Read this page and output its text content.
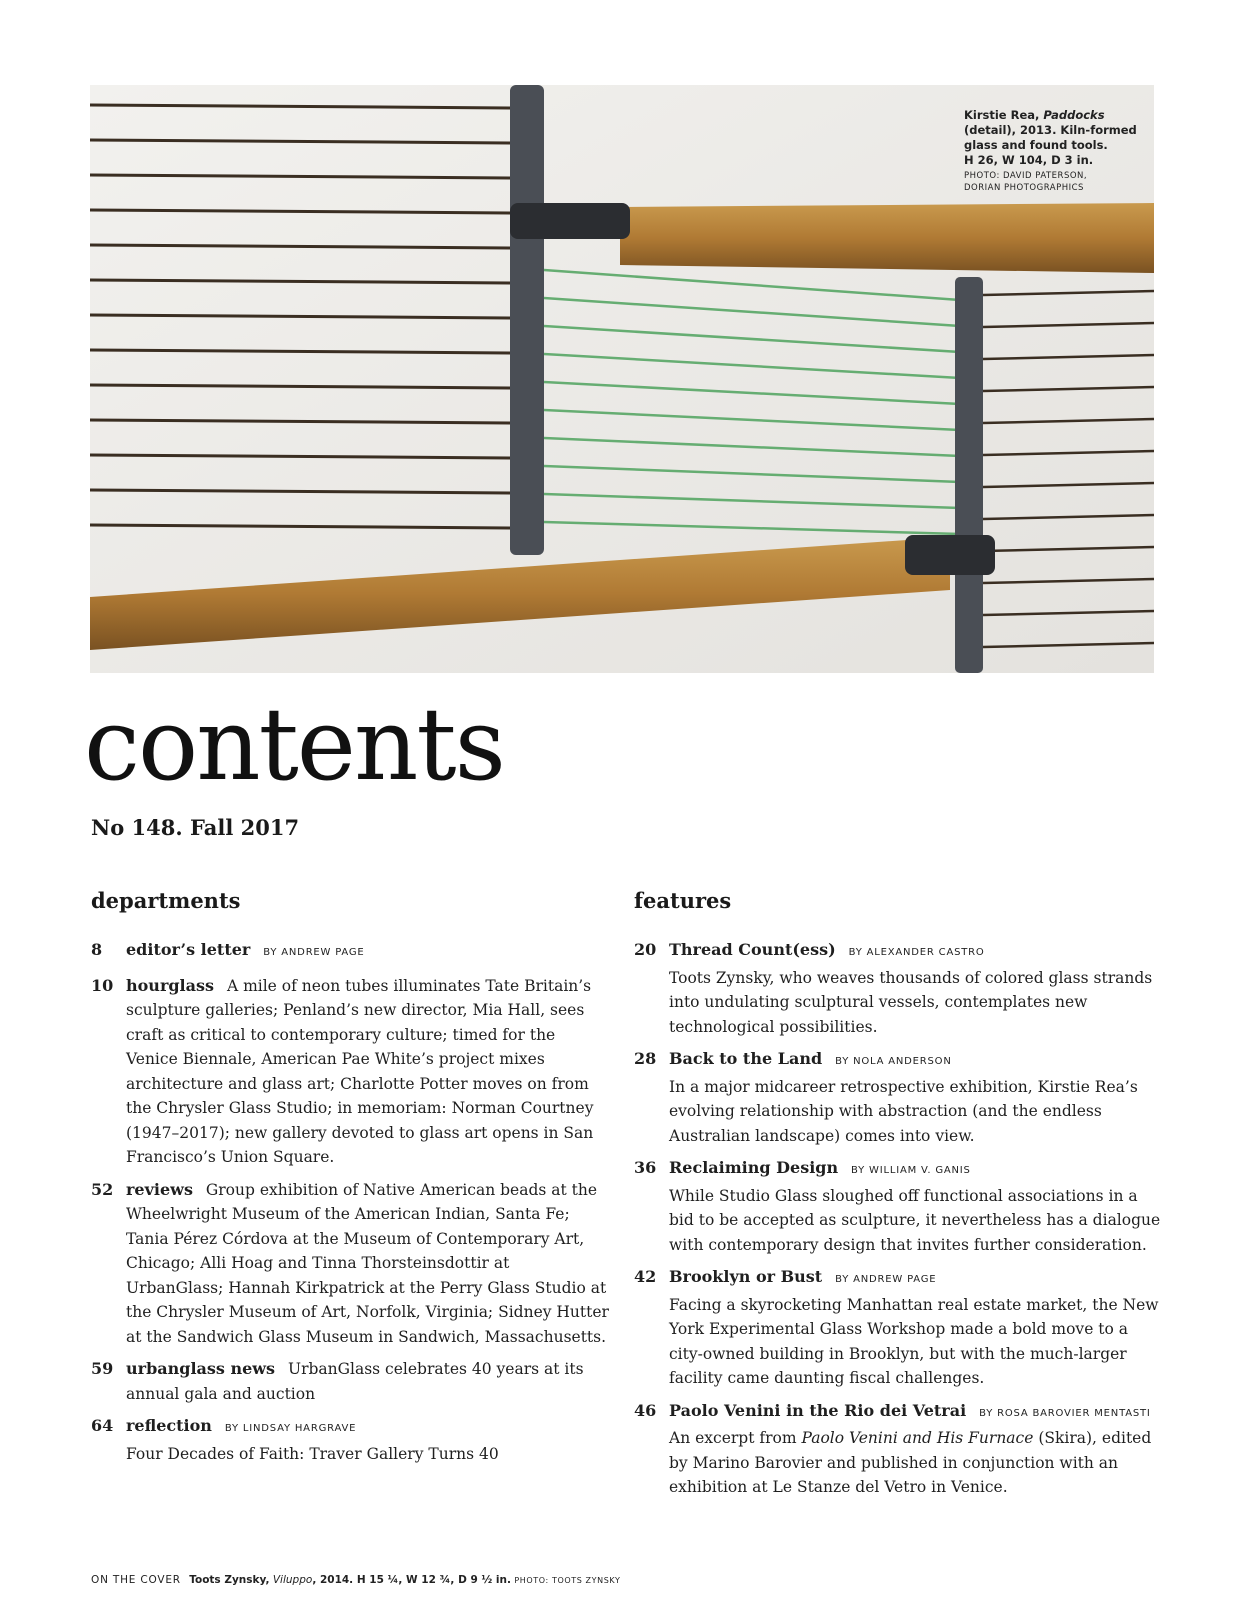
Kirstie Rea, Paddocks (detail), 2013. Kiln-formed glass and found tools.
H 26, W 104, D 3 in.
PHOTO: DAVID PATERSON,
DORIAN PHOTOGRAPHICS
contents
No 148. Fall 2017
departments	features
8 editor’s letter BY ANDREW PAGE
10 hourglass A mile of neon tubes illuminates Tate Britain’s sculpture galleries; Penland’s new director, Mia Hall, sees craft as critical to contemporary culture; timed for the Venice Biennale, American Pae White’s project mixes architecture and glass art; Charlotte Potter moves on from the Chrysler Glass Studio; in memoriam: Norman Courtney (1947–2017); new gallery devoted to glass art opens in San Francisco’s Union Square.
52 reviews Group exhibition of Native American beads at the Wheelwright Museum of the American Indian, Santa Fe; Tania Pérez Córdova at the Museum of Contemporary Art, Chicago; Alli Hoag and Tinna Thorsteinsdottir at UrbanGlass; Hannah Kirkpatrick at the Perry Glass Studio at the Chrysler Museum of Art, Norfolk, Virginia; Sidney Hutter at the Sandwich Glass Museum in Sandwich, Massachusetts.
59 urbanglass news UrbanGlass celebrates 40 years at its annual gala and auction
64 reflection BY LINDSAY HARGRAVE
Four Decades of Faith: Traver Gallery Turns 40
20 Thread Count(ess) BY ALEXANDER CASTRO
Toots Zynsky, who weaves thousands of colored glass strands into undulating sculptural vessels, contemplates new technological possibilities.
28 Back to the Land BY NOLA ANDERSON
In a major midcareer retrospective exhibition, Kirstie Rea’s evolving relationship with abstraction (and the endless Australian landscape) comes into view.
36 Reclaiming Design BY WILLIAM V. GANIS
While Studio Glass sloughed off functional associations in a bid to be accepted as sculpture, it nevertheless has a dialogue with contemporary design that invites further consideration.
42 Brooklyn or Bust BY ANDREW PAGE
Facing a skyrocketing Manhattan real estate market, the New York Experimental Glass Workshop made a bold move to a city-owned building in Brooklyn, but with the much-larger facility came daunting fiscal challenges.
46 Paolo Venini in the Rio dei Vetrai BY ROSA BAROVIER MENTASTI
An excerpt from Paolo Venini and His Furnace (Skira), edited by Marino Barovier and published in conjunction with an exhibition at Le Stanze del Vetro in Venice.
ON THE COVER Toots Zynsky, Viluppo, 2014. H 15 ¼, W 12 ¾, D 9 ½ in. PHOTO: TOOTS ZYNSKY
